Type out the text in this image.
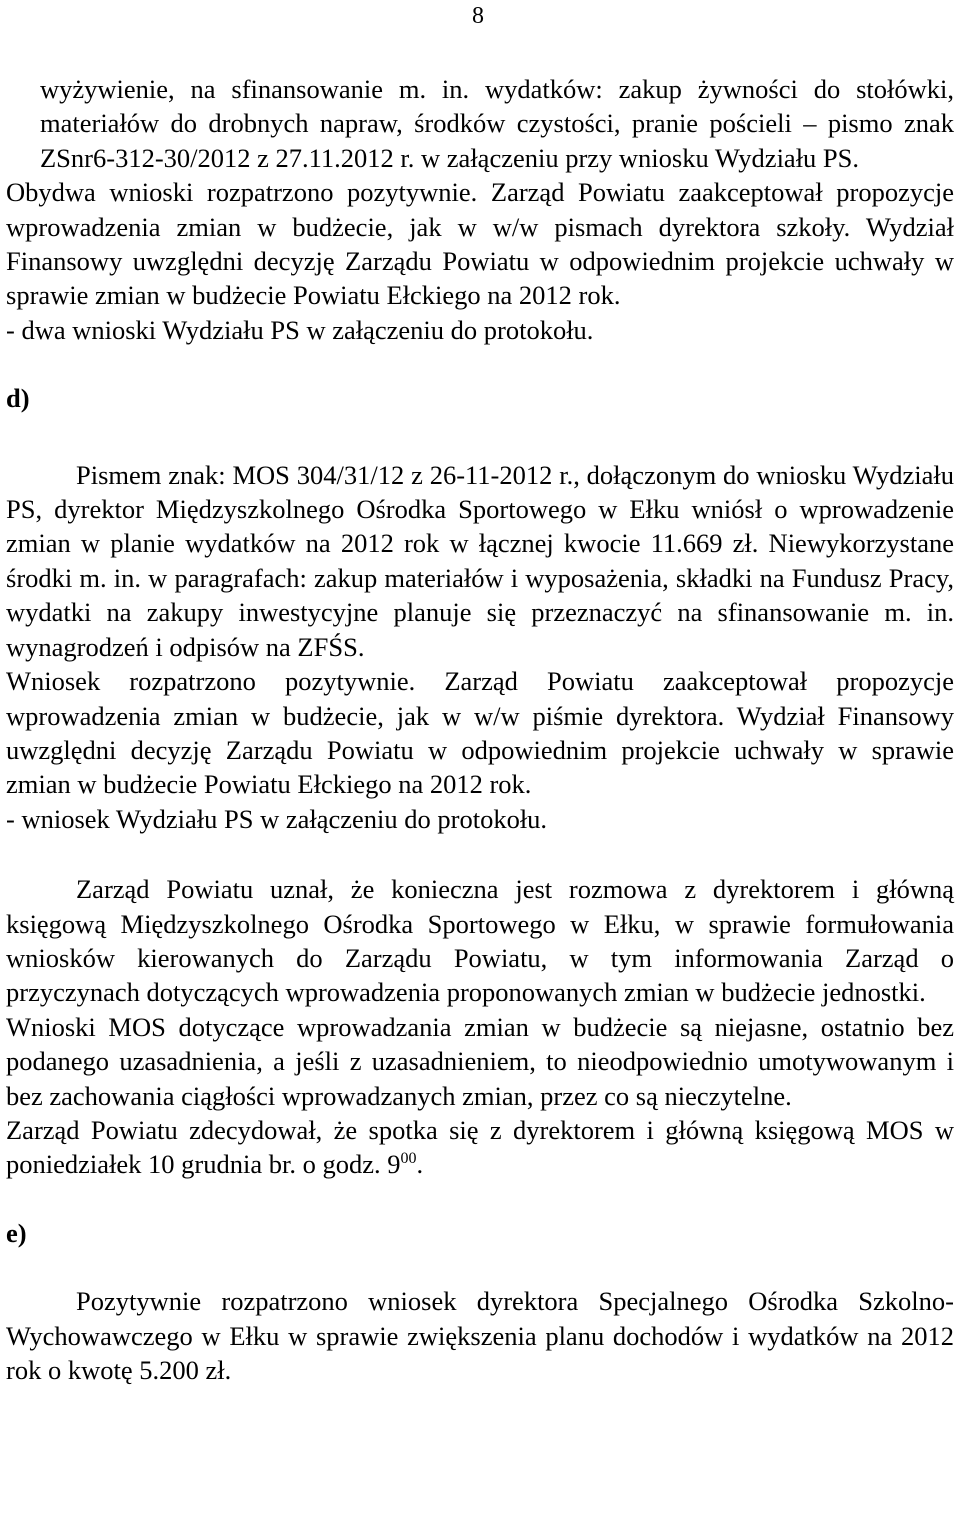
8

wyżywienie, na sfinansowanie m. in. wydatków: zakup żywności do stołówki, materiałów do drobnych napraw, środków czystości, pranie pościeli – pismo znak ZSnr6-312-30/2012 z 27.11.2012 r. w załączeniu przy wniosku Wydziału PS.

Obydwa wnioski rozpatrzono pozytywnie. Zarząd Powiatu zaakceptował propozycje wprowadzenia zmian w budżecie, jak w w/w pismach dyrektora szkoły. Wydział Finansowy uwzględni decyzję Zarządu Powiatu w odpowiednim projekcie uchwały w sprawie zmian w budżecie Powiatu Ełckiego na 2012 rok.

- dwa wnioski Wydziału PS w załączeniu do protokołu.

d)

Pismem znak: MOS 304/31/12 z 26-11-2012 r., dołączonym do wniosku Wydziału PS, dyrektor Międzyszkolnego Ośrodka Sportowego w Ełku wniósł o wprowadzenie zmian w planie wydatków na 2012 rok w łącznej kwocie 11.669 zł. Niewykorzystane środki m. in. w paragrafach: zakup materiałów i wyposażenia, składki na Fundusz Pracy, wydatki na zakupy inwestycyjne planuje się przeznaczyć na sfinansowanie m. in. wynagrodzeń i odpisów na ZFŚS.

Wniosek rozpatrzono pozytywnie. Zarząd Powiatu zaakceptował propozycje wprowadzenia zmian w budżecie, jak w w/w piśmie dyrektora. Wydział Finansowy uwzględni decyzję Zarządu Powiatu w odpowiednim projekcie uchwały w sprawie zmian w budżecie Powiatu Ełckiego na 2012 rok.

- wniosek Wydziału PS w załączeniu do protokołu.

Zarząd Powiatu uznał, że konieczna jest rozmowa z dyrektorem i główną księgową Międzyszkolnego Ośrodka Sportowego w Ełku, w sprawie formułowania wniosków kierowanych do Zarządu Powiatu, w tym informowania Zarząd o przyczynach dotyczących wprowadzenia proponowanych zmian w budżecie jednostki.

Wnioski MOS dotyczące wprowadzania zmian w budżecie są niejasne, ostatnio bez podanego uzasadnienia, a jeśli z uzasadnieniem, to nieodpowiednio umotywowanym i bez zachowania ciągłości wprowadzanych zmian, przez co są nieczytelne.

Zarząd Powiatu zdecydował, że spotka się z dyrektorem i główną księgową MOS w poniedziałek 10 grudnia br. o godz. $9^{00}$.

e)

Pozytywnie rozpatrzono wniosek dyrektora Specjalnego Ośrodka Szkolno-Wychowawczego w Ełku w sprawie zwiększenia planu dochodów i wydatków na 2012 rok o kwotę 5.200 zł.
